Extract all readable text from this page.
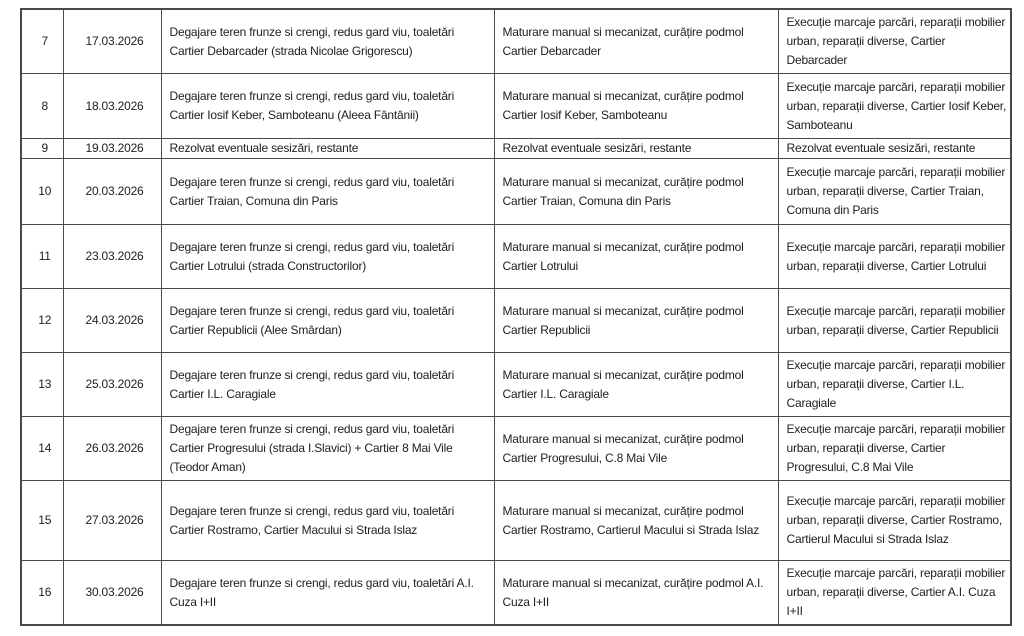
7	17.03.2026	Degajare teren frunze si crengi, redus gard viu, toaletări Cartier Debarcader (strada Nicolae Grigorescu)	Maturare manual si mecanizat, curățire podmol Cartier Debarcader	Execuție marcaje parcări, reparații mobilier urban, reparații diverse, Cartier Debarcader
8	18.03.2026	Degajare teren frunze si crengi, redus gard viu, toaletări Cartier Iosif Keber, Samboteanu (Aleea Fântânii)	Maturare manual si mecanizat, curățire podmol Cartier Iosif Keber, Samboteanu	Execuție marcaje parcări, reparații mobilier urban, reparații diverse, Cartier Iosif Keber, Samboteanu
9	19.03.2026	Rezolvat eventuale sesizări, restante	Rezolvat eventuale sesizări, restante	Rezolvat eventuale sesizări, restante
10	20.03.2026	Degajare teren frunze si crengi, redus gard viu, toaletări Cartier Traian, Comuna din Paris	Maturare manual si mecanizat, curățire podmol Cartier Traian, Comuna din Paris	Execuție marcaje parcări, reparații mobilier urban, reparații diverse, Cartier Traian, Comuna din Paris
11	23.03.2026	Degajare teren frunze si crengi, redus gard viu, toaletări Cartier Lotrului (strada Constructorilor)	Maturare manual si mecanizat, curățire podmol Cartier Lotrului	Execuție marcaje parcări, reparații mobilier urban, reparații diverse, Cartier Lotrului
12	24.03.2026	Degajare teren frunze si crengi, redus gard viu, toaletări Cartier Republicii (Alee Smârdan)	Maturare manual si mecanizat, curățire podmol Cartier Republicii	Execuție marcaje parcări, reparații mobilier urban, reparații diverse, Cartier Republicii
13	25.03.2026	Degajare teren frunze si crengi, redus gard viu, toaletări Cartier I.L. Caragiale	Maturare manual si mecanizat, curățire podmol Cartier I.L. Caragiale	Execuție marcaje parcări, reparații mobilier urban, reparații diverse, Cartier I.L. Caragiale
14	26.03.2026	Degajare teren frunze si crengi, redus gard viu, toaletări Cartier Progresului (strada I.Slavici) + Cartier 8 Mai Vile (Teodor Aman)	Maturare manual si mecanizat, curățire podmol Cartier Progresului, C.8 Mai Vile	Execuție marcaje parcări, reparații mobilier urban, reparații diverse, Cartier Progresului, C.8 Mai Vile
15	27.03.2026	Degajare teren frunze si crengi, redus gard viu, toaletări Cartier Rostramo, Cartier Macului si Strada Islaz	Maturare manual si mecanizat, curățire podmol Cartier Rostramo, Cartierul Macului si Strada Islaz	Execuție marcaje parcări, reparații mobilier urban, reparații diverse, Cartier Rostramo, Cartierul Macului si Strada Islaz
16	30.03.2026	Degajare teren frunze si crengi, redus gard viu, toaletări A.I. Cuza I+II	Maturare manual si mecanizat, curățire podmol A.I. Cuza I+II	Execuție marcaje parcări, reparații mobilier urban, reparații diverse, Cartier A.I. Cuza I+II
